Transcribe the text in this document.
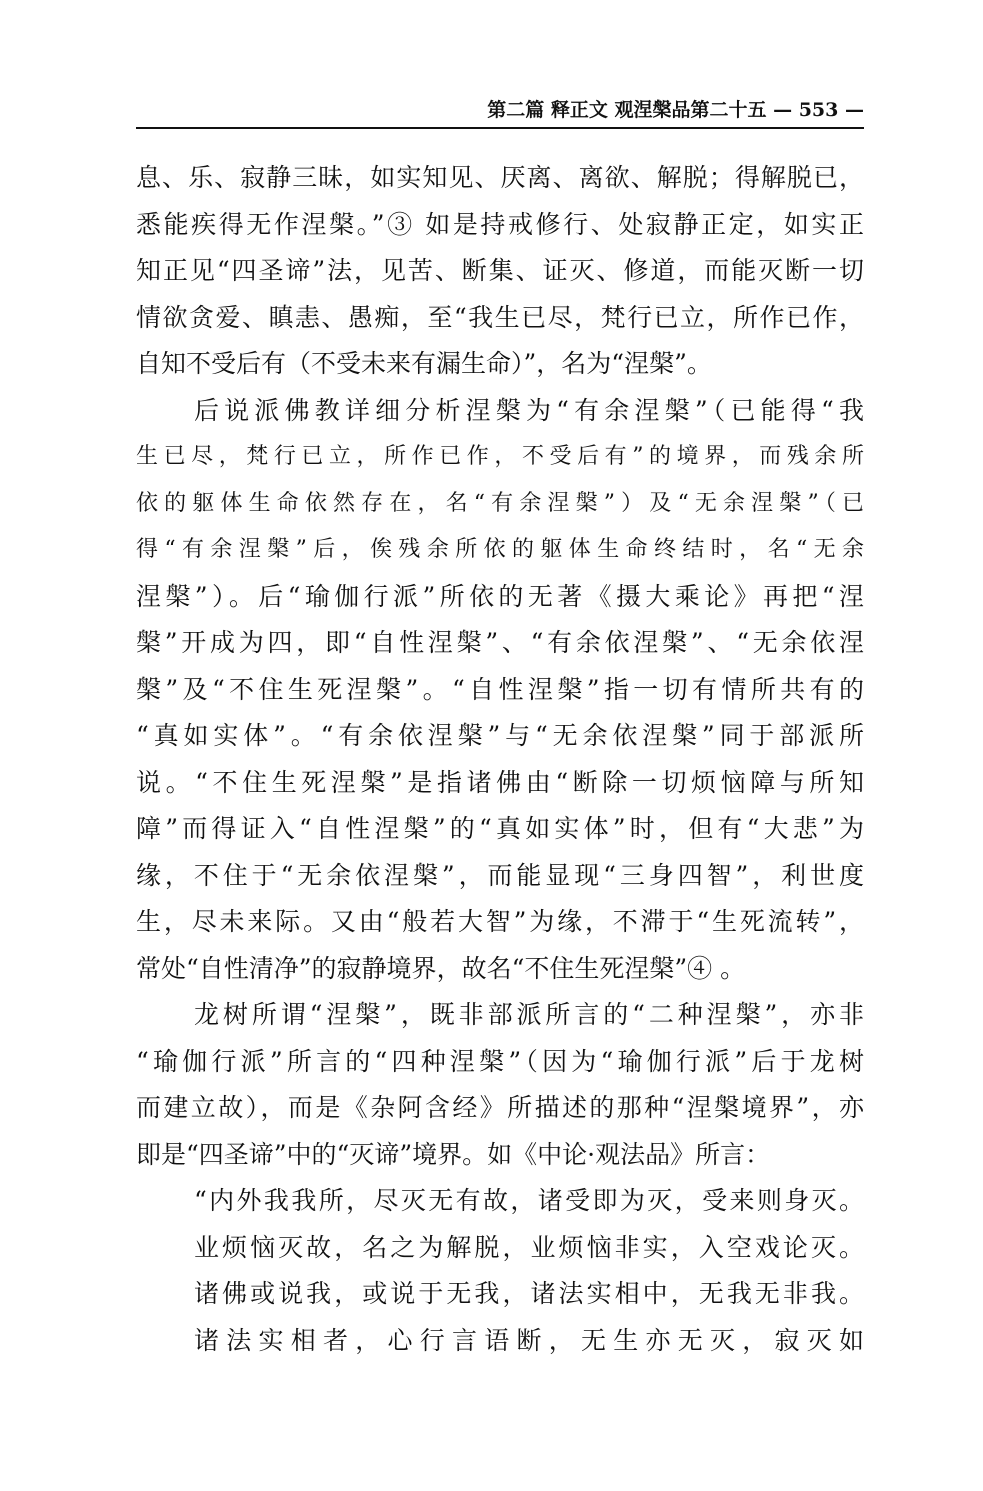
第二篇 释正文 观涅槃品第二十五 — 553 —
息、乐、寂静三昧，如实知见、厌离、离欲、解脱；得解脱已，
悉能疾得无作涅槃。”③ 如是持戒修行、处寂静正定，如实正
知正见“四圣谛”法，见苦、断集、证灭、修道，而能灭断一切
情欲贪爱、瞋恚、愚痴，至“我生已尽，梵行已立，所作已作，
自知不受后有（不受未来有漏生命）”，名为“涅槃”。
后说派佛教详细分析涅槃为“有余涅槃”（已能得“我
生已尽，梵行已立，所作已作，不受后有”的境界，而残余所
依的躯体生命依然存在，名“有余涅槃”）及“无余涅槃”（已
得“有余涅槃”后，俟残余所依的躯体生命终结时，名“无余
涅槃”）。后“瑜伽行派”所依的无著《摄大乘论》再把“涅
槃”开成为四，即“自性涅槃”、“有余依涅槃”、“无余依涅
槃”及“不住生死涅槃”。“自性涅槃”指一切有情所共有的
“真如实体”。“有余依涅槃”与“无余依涅槃”同于部派所
说。“不住生死涅槃”是指诸佛由“断除一切烦恼障与所知
障”而得证入“自性涅槃”的“真如实体”时，但有“大悲”为
缘，不住于“无余依涅槃”，而能显现“三身四智”，利世度
生，尽未来际。又由“般若大智”为缘，不滞于“生死流转”，
常处“自性清净”的寂静境界，故名“不住生死涅槃”④ 。
龙树所谓“涅槃”，既非部派所言的“二种涅槃”，亦非
“瑜伽行派”所言的“四种涅槃”（因为“瑜伽行派”后于龙树
而建立故），而是《杂阿含经》所描述的那种“涅槃境界”，亦
即是“四圣谛”中的“灭谛”境界。如《中论·观法品》所言：
“内外我我所，尽灭无有故，诸受即为灭，受来则身灭。
业烦恼灭故，名之为解脱，业烦恼非实，入空戏论灭。
诸佛或说我，或说于无我，诸法实相中，无我无非我。
诸法实相者，心行言语断，无生亦无灭，寂灭如
